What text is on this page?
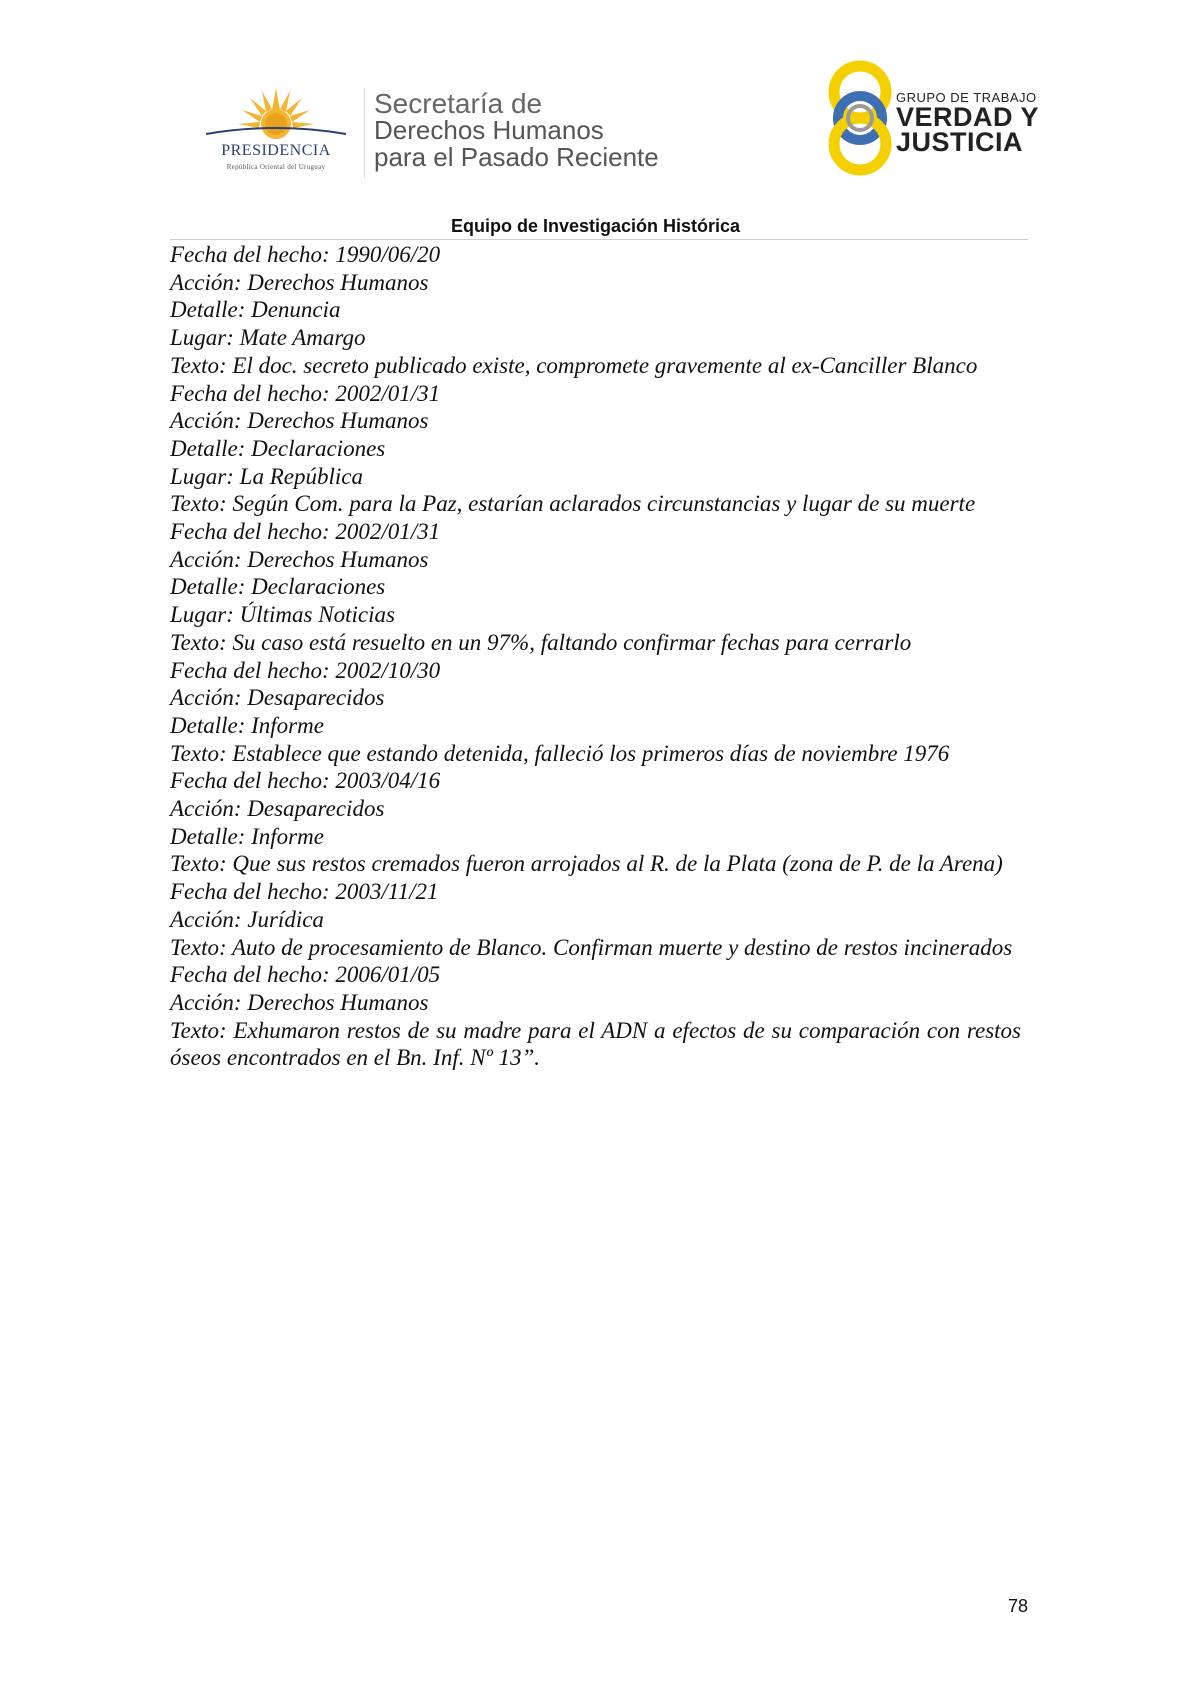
PRESIDENCIA
República Oriental del Uruguay
Secretaría de
Derechos Humanos
para el Pasado Reciente
GRUPO DE TRABAJO
VERDAD Y
JUSTICIA
Equipo de Investigación Histórica
Fecha del hecho: 1990/06/20
Acción: Derechos Humanos
Detalle: Denuncia
Lugar: Mate Amargo
Texto: El doc. secreto publicado existe, compromete gravemente al ex-Canciller Blanco
Fecha del hecho: 2002/01/31
Acción: Derechos Humanos
Detalle: Declaraciones
Lugar: La República
Texto: Según Com. para la Paz, estarían aclarados circunstancias y lugar de su muerte
Fecha del hecho: 2002/01/31
Acción: Derechos Humanos
Detalle: Declaraciones
Lugar: Últimas Noticias
Texto: Su caso está resuelto en un 97%, faltando confirmar fechas para cerrarlo
Fecha del hecho: 2002/10/30
Acción: Desaparecidos
Detalle: Informe
Texto: Establece que estando detenida, falleció los primeros días de noviembre 1976
Fecha del hecho: 2003/04/16
Acción: Desaparecidos
Detalle: Informe
Texto: Que sus restos cremados fueron arrojados al R. de la Plata (zona de P. de la Arena)
Fecha del hecho: 2003/11/21
Acción: Jurídica
Texto: Auto de procesamiento de Blanco. Confirman muerte y destino de restos incinerados
Fecha del hecho: 2006/01/05
Acción: Derechos Humanos
Texto: Exhumaron restos de su madre para el ADN a efectos de su comparación con restos óseos encontrados en el Bn. Inf. Nº 13”.
78
